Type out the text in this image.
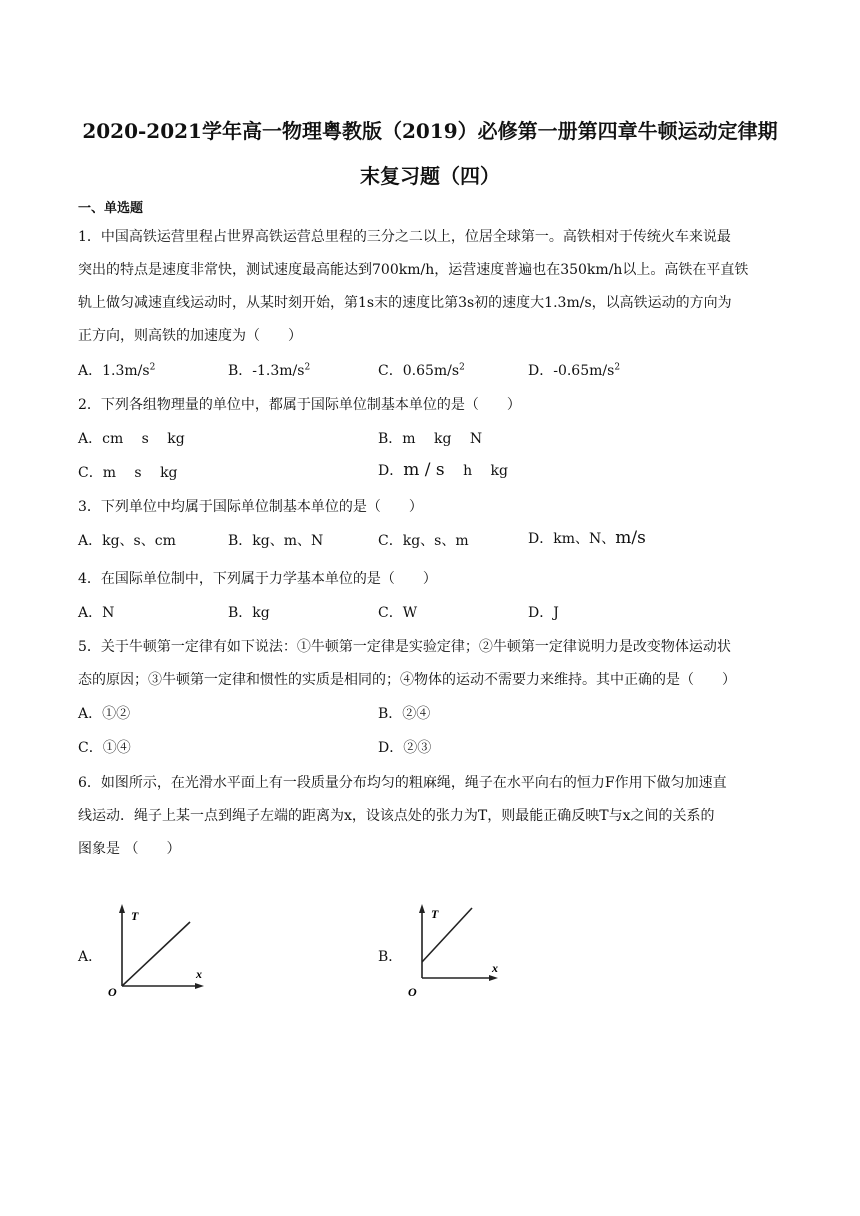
2020-2021学年高一物理粤教版（2019）必修第一册第四章牛顿运动定律期
末复习题（四）
一、单选题
1．中国高铁运营里程占世界高铁运营总里程的三分之二以上，位居全球第一。高铁相对于传统火车来说最
突出的特点是速度非常快，测试速度最高能达到700km/h，运营速度普遍也在350km/h以上。高铁在平直铁
轨上做匀减速直线运动时，从某时刻开始，第1s末的速度比第3s初的速度大1.3m/s，以高铁运动的方向为
正方向，则高铁的加速度为（　　）
A．$1.3m/s^2$	B．$-1.3m/s^2$	C．$0.65m/s^2$	D．$-0.65m/s^2$
2．下列各组物理量的单位中，都属于国际单位制基本单位的是（　　）
A．cm　 s　 kg	B．m　 kg　 N
C．m　 s　 kg	D．m / s　 h　 kg
3．下列单位中均属于国际单位制基本单位的是（　　）
A．kg、s、cm	B．kg、m、N	C．kg、s、m	D．km、N、m/s
4．在国际单位制中，下列属于力学基本单位的是（　　）
A．N	B．kg	C．W	D．J
5．关于牛顿第一定律有如下说法：①牛顿第一定律是实验定律；②牛顿第一定律说明力是改变物体运动状
态的原因；③牛顿第一定律和惯性的实质是相同的；④物体的运动不需要力来维持。其中正确的是（　　）
A．①②	B．②④
C．①④	D．②③
6．如图所示，在光滑水平面上有一段质量分布均匀的粗麻绳，绳子在水平向右的恒力F作用下做匀加速直
线运动．绳子上某一点到绳子左端的距离为x，设该点处的张力为T，则最能正确反映T与x之间的关系的
图象是 （　　）
A．	B．
T
x
O
T
x
O
